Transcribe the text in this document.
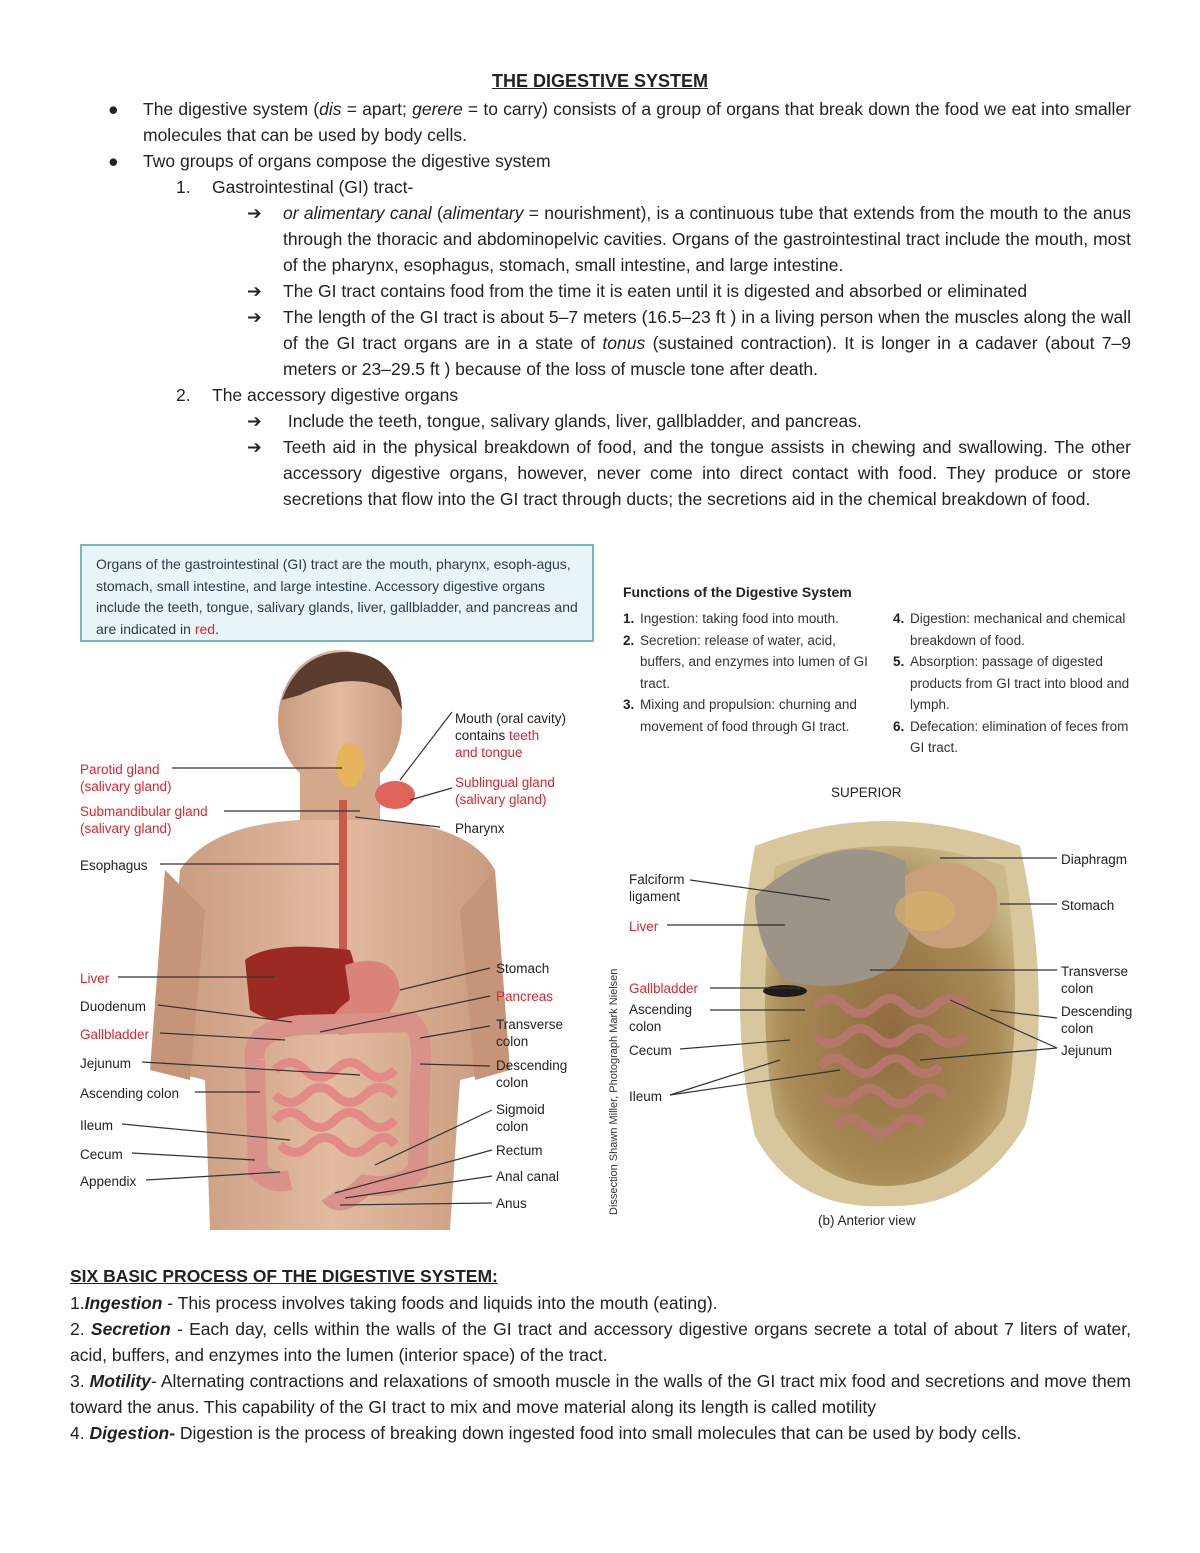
THE DIGESTIVE SYSTEM
● The digestive system (dis = apart; gerere = to carry) consists of a group of organs that break down the food we eat into smaller molecules that can be used by body cells.
● Two groups of organs compose the digestive system
1. Gastrointestinal (GI) tract-
➔ or alimentary canal (alimentary = nourishment), is a continuous tube that extends from the mouth to the anus through the thoracic and abdominopelvic cavities. Organs of the gastrointestinal tract include the mouth, most of the pharynx, esophagus, stomach, small intestine, and large intestine.
➔ The GI tract contains food from the time it is eaten until it is digested and absorbed or eliminated
➔ The length of the GI tract is about 5–7 meters (16.5–23 ft ) in a living person when the muscles along the wall of the GI tract organs are in a state of tonus (sustained contraction). It is longer in a cadaver (about 7–9 meters or 23–29.5 ft ) because of the loss of muscle tone after death.
2. The accessory digestive organs
➔ Include the teeth, tongue, salivary glands, liver, gallbladder, and pancreas.
➔ Teeth aid in the physical breakdown of food, and the tongue assists in chewing and swallowing. The other accessory digestive organs, however, never come into direct contact with food. They produce or store secretions that flow into the GI tract through ducts; the secretions aid in the chemical breakdown of food.
Organs of the gastrointestinal (GI) tract are the mouth, pharynx, esoph-agus, stomach, small intestine, and large intestine. Accessory digestive organs include the teeth, tongue, salivary glands, liver, gallbladder, and pancreas and are indicated in red.
Parotid gland
(salivary gland)
Submandibular gland
(salivary gland)
Esophagus
Liver
Duodenum
Gallbladder
Jejunum
Ascending colon
Ileum
Cecum
Appendix
Mouth (oral cavity)
contains teeth
and tongue
Sublingual gland
(salivary gland)
Pharynx
Stomach
Pancreas
Transverse
colon
Descending
colon
Sigmoid
colon
Rectum
Anal canal
Anus
Functions of the Digestive System
1. Ingestion: taking food into mouth.
2. Secretion: release of water, acid, buffers, and enzymes into lumen of GI tract.
3. Mixing and propulsion: churning and movement of food through GI tract.
4. Digestion: mechanical and chemical breakdown of food.
5. Absorption: passage of digested products from GI tract into blood and lymph.
6. Defecation: elimination of feces from GI tract.
SUPERIOR
Falciform
ligament
Liver
Gallbladder
Ascending
colon
Cecum
Ileum
Diaphragm
Stomach
Transverse
colon
Descending
colon
Jejunum
Dissection Shawn Miller, Photograph Mark Nielsen
(b) Anterior view
SIX BASIC PROCESS OF THE DIGESTIVE SYSTEM:
1.Ingestion - This process involves taking foods and liquids into the mouth (eating).
2. Secretion - Each day, cells within the walls of the GI tract and accessory digestive organs secrete a total of about 7 liters of water, acid, buffers, and enzymes into the lumen (interior space) of the tract.
3. Motility- Alternating contractions and relaxations of smooth muscle in the walls of the GI tract mix food and secretions and move them toward the anus. This capability of the GI tract to mix and move material along its length is called motility
4. Digestion- Digestion is the process of breaking down ingested food into small molecules that can be used by body cells.
